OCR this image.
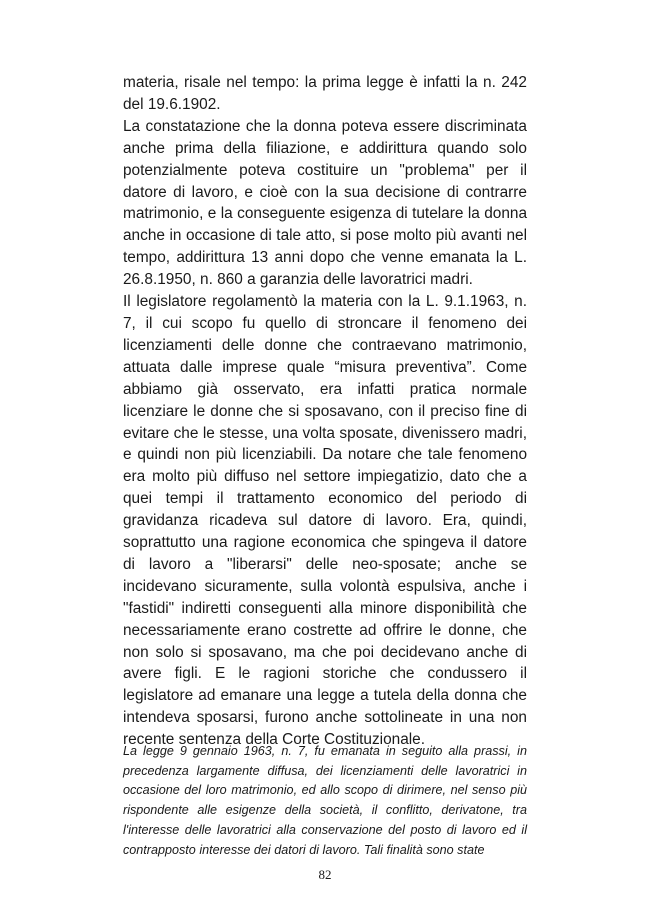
materia, risale nel tempo: la prima legge è infatti la n. 242 del 19.6.1902.

La constatazione che la donna poteva essere discriminata anche prima della filiazione, e addirittura quando solo potenzialmente poteva costituire un "problema" per il datore di lavoro, e cioè con la sua decisione di contrarre matrimonio, e la conseguente esigenza di tutelare la donna anche in occasione di tale atto, si pose molto più avanti nel tempo, addirittura 13 anni dopo che venne emanata la L. 26.8.1950, n. 860 a garanzia delle lavoratrici madri.

Il legislatore regolamentò la materia con la L. 9.1.1963, n. 7, il cui scopo fu quello di stroncare il fenomeno dei licenziamenti delle donne che contraevano matrimonio, attuata dalle imprese quale “misura preventiva”. Come abbiamo già osservato, era infatti pratica normale licenziare le donne che si sposavano, con il preciso fine di evitare che le stesse, una volta sposate, divenissero madri, e quindi non più licenziabili. Da notare che tale fenomeno era molto più diffuso nel settore impiegatizio, dato che a quei tempi il trattamento economico del periodo di gravidanza ricadeva sul datore di lavoro. Era, quindi, soprattutto una ragione economica che spingeva il datore di lavoro a "liberarsi" delle neo-sposate; anche se incidevano sicuramente, sulla volontà espulsiva, anche i "fastidi" indiretti conseguenti alla minore disponibilità che necessariamente erano costrette ad offrire le donne, che non solo si sposavano, ma che poi decidevano anche di avere figli. E le ragioni storiche che condussero il legislatore ad emanare una legge a tutela della donna che intendeva sposarsi, furono anche sottolineate in una non recente sentenza della Corte Costituzionale.

La legge 9 gennaio 1963, n. 7, fu emanata in seguito alla prassi, in precedenza largamente diffusa, dei licenziamenti delle lavoratrici in occasione del loro matrimonio, ed allo scopo di dirimere, nel senso più rispondente alle esigenze della società, il conflitto, derivatone, tra l'interesse delle lavoratrici alla conservazione del posto di lavoro ed il contrapposto interesse dei datori di lavoro. Tali finalità sono state

82
